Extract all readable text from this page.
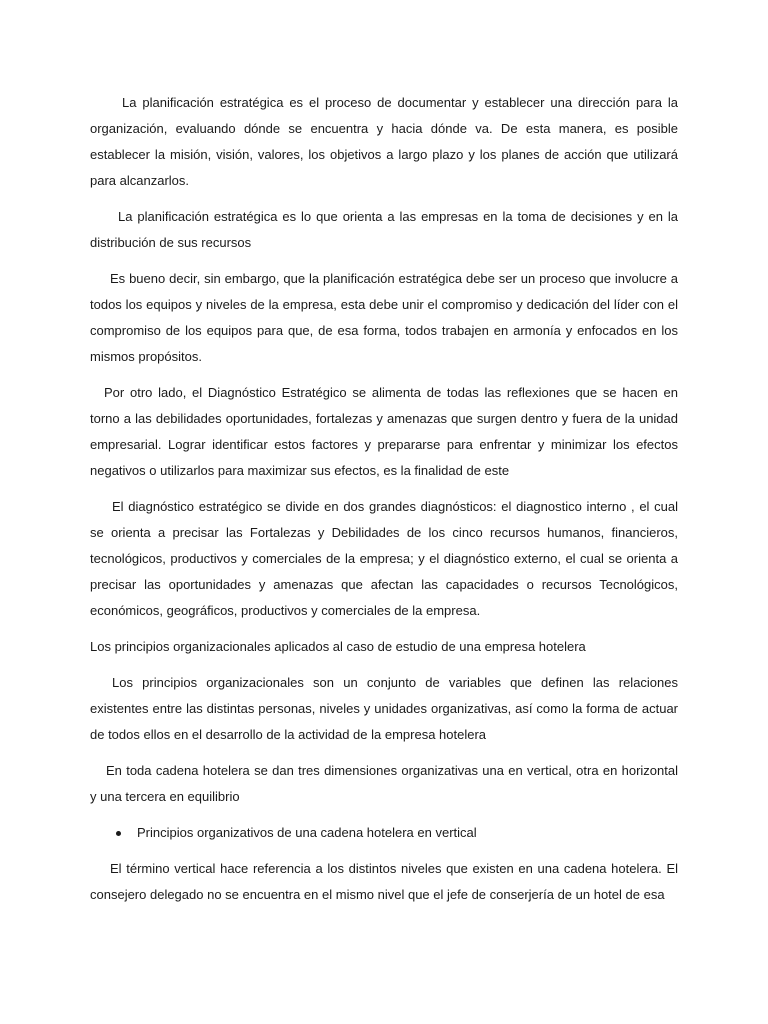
La planificación estratégica es el proceso de documentar y establecer una dirección para la organización, evaluando dónde se encuentra y hacia dónde va. De esta manera, es posible establecer la misión, visión, valores, los objetivos a largo plazo y los planes de acción que utilizará para alcanzarlos.

La planificación estratégica es lo que orienta a las empresas en la toma de decisiones y en la distribución de sus recursos

Es bueno decir, sin embargo, que la planificación estratégica debe ser un proceso que involucre a todos los equipos y niveles de la empresa, esta debe unir el compromiso y dedicación del líder con el compromiso de los equipos para que, de esa forma, todos trabajen en armonía y enfocados en los mismos propósitos.

Por otro lado, el Diagnóstico Estratégico se alimenta de todas las reflexiones que se hacen en torno a las debilidades oportunidades, fortalezas y amenazas que surgen dentro y fuera de la unidad empresarial. Lograr identificar estos factores y prepararse para enfrentar y minimizar los efectos negativos o utilizarlos para maximizar sus efectos, es la finalidad de este

El diagnóstico estratégico se divide en dos grandes diagnósticos: el diagnostico interno , el cual se orienta a precisar las Fortalezas y Debilidades de los cinco recursos humanos, financieros, tecnológicos, productivos y comerciales de la empresa; y el diagnóstico externo, el cual se orienta a precisar las oportunidades y amenazas que afectan las capacidades o recursos Tecnológicos, económicos, geográficos, productivos y comerciales de la empresa.

Los principios organizacionales aplicados al caso de estudio de una empresa hotelera

Los principios organizacionales son un conjunto de variables que definen las relaciones existentes entre las distintas personas, niveles y unidades organizativas, así como la forma de actuar de todos ellos en el desarrollo de la actividad de la empresa hotelera

En toda cadena hotelera se dan tres dimensiones organizativas una en vertical, otra en horizontal y una tercera en equilibrio

Principios organizativos de una cadena hotelera en vertical

El término vertical hace referencia a los distintos niveles que existen en una cadena hotelera. El consejero delegado no se encuentra en el mismo nivel que el jefe de conserjería de un hotel de esa
